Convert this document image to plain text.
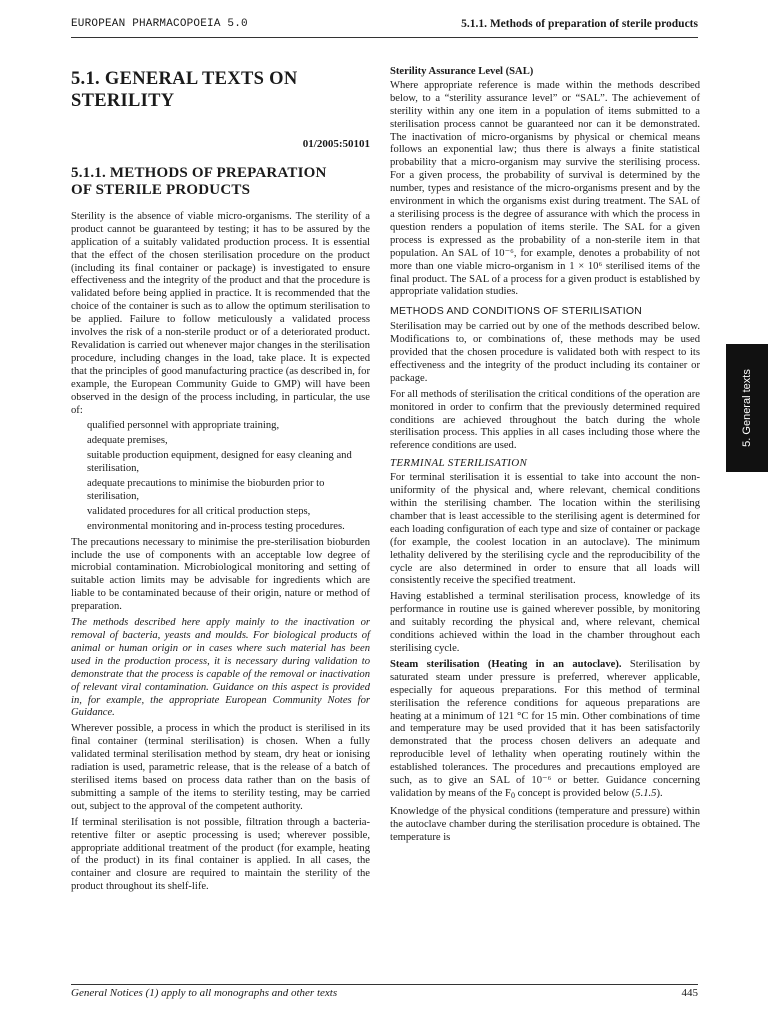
EUROPEAN PHARMACOPOEIA 5.0	5.1.1. Methods of preparation of sterile products
5.1. GENERAL TEXTS ON
STERILITY
01/2005:50101
5.1.1. METHODS OF PREPARATION
OF STERILE PRODUCTS

Sterility is the absence of viable micro-organisms. The sterility of a product cannot be guaranteed by testing; it has to be assured by the application of a suitably validated production process. It is essential that the effect of the chosen sterilisation procedure on the product (including its final container or package) is investigated to ensure effectiveness and the integrity of the product and that the procedure is validated before being applied in practice. It is recommended that the choice of the container is such as to allow the optimum sterilisation to be applied. Failure to follow meticulously a validated process involves the risk of a non-sterile product or of a deteriorated product. Revalidation is carried out whenever major changes in the sterilisation procedure, including changes in the load, take place. It is expected that the principles of good manufacturing practice (as described in, for example, the European Community Guide to GMP) will have been observed in the design of the process including, in particular, the use of:

qualified personnel with appropriate training,
adequate premises,
suitable production equipment, designed for easy cleaning and sterilisation,
adequate precautions to minimise the bioburden prior to sterilisation,
validated procedures for all critical production steps,
environmental monitoring and in-process testing procedures.

The precautions necessary to minimise the pre-sterilisation bioburden include the use of components with an acceptable low degree of microbial contamination. Microbiological monitoring and setting of suitable action limits may be advisable for ingredients which are liable to be contaminated because of their origin, nature or method of preparation.

The methods described here apply mainly to the inactivation or removal of bacteria, yeasts and moulds. For biological products of animal or human origin or in cases where such material has been used in the production process, it is necessary during validation to demonstrate that the process is capable of the removal or inactivation of relevant viral contamination. Guidance on this aspect is provided in, for example, the appropriate European Community Notes for Guidance.

Wherever possible, a process in which the product is sterilised in its final container (terminal sterilisation) is chosen. When a fully validated terminal sterilisation method by steam, dry heat or ionising radiation is used, parametric release, that is the release of a batch of sterilised items based on process data rather than on the basis of submitting a sample of the items to sterility testing, may be carried out, subject to the approval of the competent authority.

If terminal sterilisation is not possible, filtration through a bacteria-retentive filter or aseptic processing is used; wherever possible, appropriate additional treatment of the product (for example, heating of the product) in its final container is applied. In all cases, the container and closure are required to maintain the sterility of the product throughout its shelf-life.

Sterility Assurance Level (SAL)

Where appropriate reference is made within the methods described below, to a “sterility assurance level” or “SAL”. The achievement of sterility within any one item in a population of items submitted to a sterilisation process cannot be guaranteed nor can it be demonstrated. The inactivation of micro-organisms by physical or chemical means follows an exponential law; thus there is always a finite statistical probability that a micro-organism may survive the sterilising process. For a given process, the probability of survival is determined by the number, types and resistance of the micro-organisms present and by the environment in which the organisms exist during treatment. The SAL of a sterilising process is the degree of assurance with which the process in question renders a population of items sterile. The SAL for a given process is expressed as the probability of a non-sterile item in that population. An SAL of 10⁻⁶, for example, denotes a probability of not more than one viable micro-organism in 1 × 10⁶ sterilised items of the final product. The SAL of a process for a given product is established by appropriate validation studies.

METHODS AND CONDITIONS OF STERILISATION

Sterilisation may be carried out by one of the methods described below. Modifications to, or combinations of, these methods may be used provided that the chosen procedure is validated both with respect to its effectiveness and the integrity of the product including its container or package.

For all methods of sterilisation the critical conditions of the operation are monitored in order to confirm that the previously determined required conditions are achieved throughout the batch during the whole sterilisation process. This applies in all cases including those where the reference conditions are used.

TERMINAL STERILISATION

For terminal sterilisation it is essential to take into account the non-uniformity of the physical and, where relevant, chemical conditions within the sterilising chamber. The location within the sterilising chamber that is least accessible to the sterilising agent is determined for each loading configuration of each type and size of container or package (for example, the coolest location in an autoclave). The minimum lethality delivered by the sterilising cycle and the reproducibility of the cycle are also determined in order to ensure that all loads will consistently receive the specified treatment.

Having established a terminal sterilisation process, knowledge of its performance in routine use is gained wherever possible, by monitoring and suitably recording the physical and, where relevant, chemical conditions achieved within the load in the chamber throughout each sterilising cycle.

Steam sterilisation (Heating in an autoclave). Sterilisation by saturated steam under pressure is preferred, wherever applicable, especially for aqueous preparations. For this method of terminal sterilisation the reference conditions for aqueous preparations are heating at a minimum of 121 °C for 15 min. Other combinations of time and temperature may be used provided that it has been satisfactorily demonstrated that the process chosen delivers an adequate and reproducible level of lethality when operating routinely within the established tolerances. The procedures and precautions employed are such, as to give an SAL of 10⁻⁶ or better. Guidance concerning validation by means of the F0 concept is provided below (5.1.5).

Knowledge of the physical conditions (temperature and pressure) within the autoclave chamber during the sterilisation procedure is obtained. The temperature is

5. General texts
General Notices (1) apply to all monographs and other texts	445
